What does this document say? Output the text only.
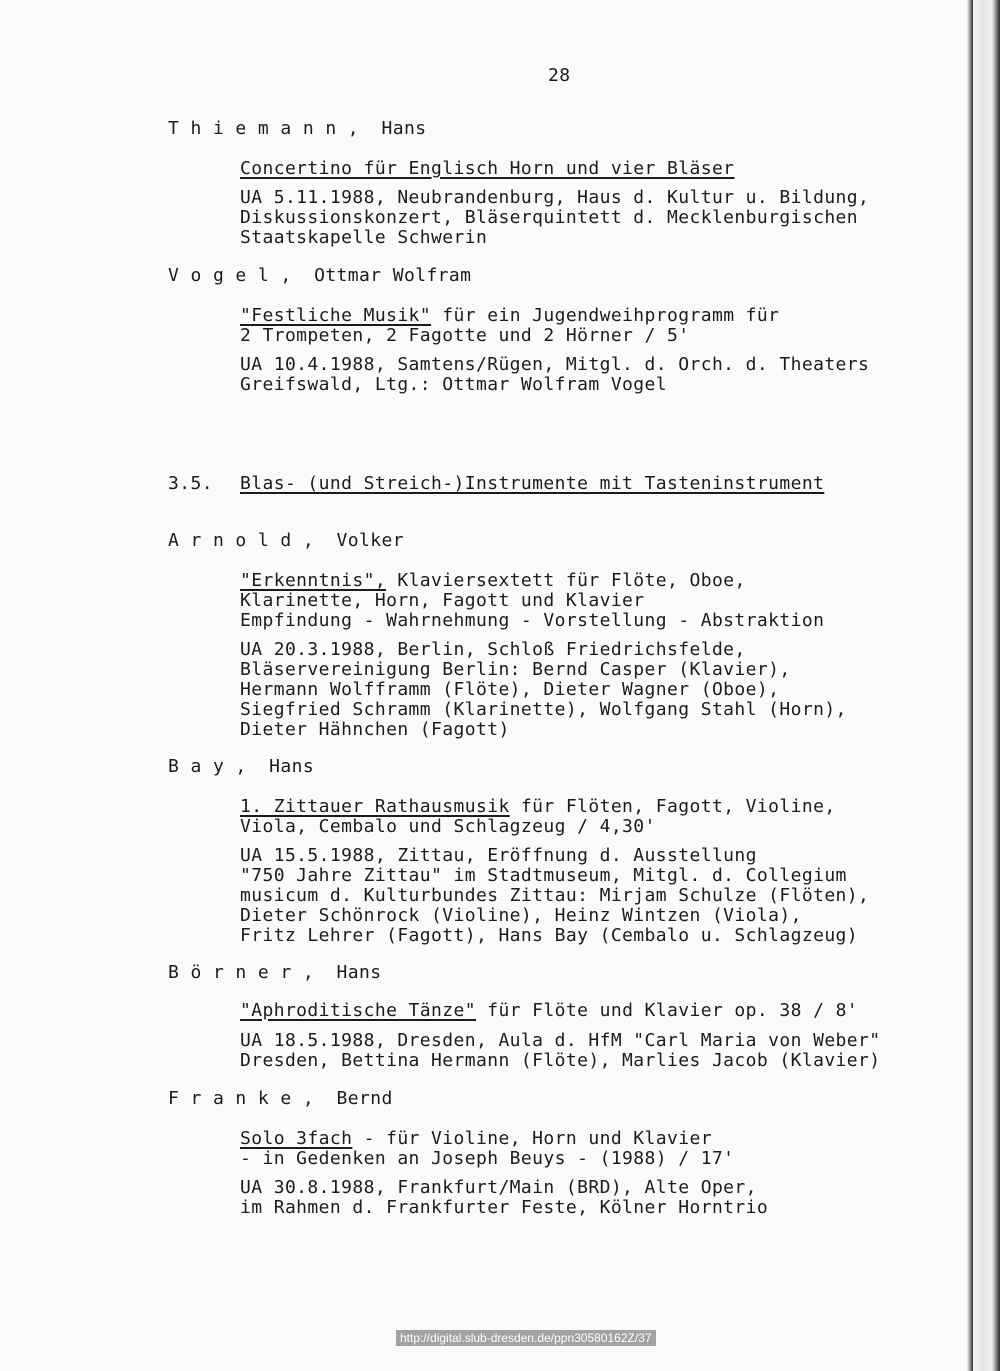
28

T h i e m a n n ,  Hans

Concertino für Englisch Horn und vier Bläser

UA 5.11.1988, Neubrandenburg, Haus d. Kultur u. Bildung,

Diskussionskonzert, Bläserquintett d. Mecklenburgischen

Staatskapelle Schwerin

V o g e l ,  Ottmar Wolfram

"Festliche Musik" für ein Jugendweihprogramm für

2 Trompeten, 2 Fagotte und 2 Hörner / 5'

UA 10.4.1988, Samtens/Rügen, Mitgl. d. Orch. d. Theaters

Greifswald, Ltg.: Ottmar Wolfram Vogel

3.5. Blas- (und Streich-)Instrumente mit Tasteninstrument

A r n o l d ,  Volker

"Erkenntnis", Klaviersextett für Flöte, Oboe,

Klarinette, Horn, Fagott und Klavier

Empfindung - Wahrnehmung - Vorstellung - Abstraktion

UA 20.3.1988, Berlin, Schloß Friedrichsfelde,

Bläservereinigung Berlin: Bernd Casper (Klavier),

Hermann Wolfframm (Flöte), Dieter Wagner (Oboe),

Siegfried Schramm (Klarinette), Wolfgang Stahl (Horn),

Dieter Hähnchen (Fagott)

B a y ,  Hans

1. Zittauer Rathausmusik für Flöten, Fagott, Violine,

Viola, Cembalo und Schlagzeug / 4,30'

UA 15.5.1988, Zittau, Eröffnung d. Ausstellung

"750 Jahre Zittau" im Stadtmuseum, Mitgl. d. Collegium

musicum d. Kulturbundes Zittau: Mirjam Schulze (Flöten),

Dieter Schönrock (Violine), Heinz Wintzen (Viola),

Fritz Lehrer (Fagott), Hans Bay (Cembalo u. Schlagzeug)

B ö r n e r ,  Hans

"Aphroditische Tänze" für Flöte und Klavier op. 38 / 8'

UA 18.5.1988, Dresden, Aula d. HfM "Carl Maria von Weber"

Dresden, Bettina Hermann (Flöte), Marlies Jacob (Klavier)

F r a n k e ,  Bernd

Solo 3fach - für Violine, Horn und Klavier

- in Gedenken an Joseph Beuys - (1988) / 17'

UA 30.8.1988, Frankfurt/Main (BRD), Alte Oper,

im Rahmen d. Frankfurter Feste, Kölner Horntrio

http://digital.slub-dresden.de/ppn30580162Z/37
